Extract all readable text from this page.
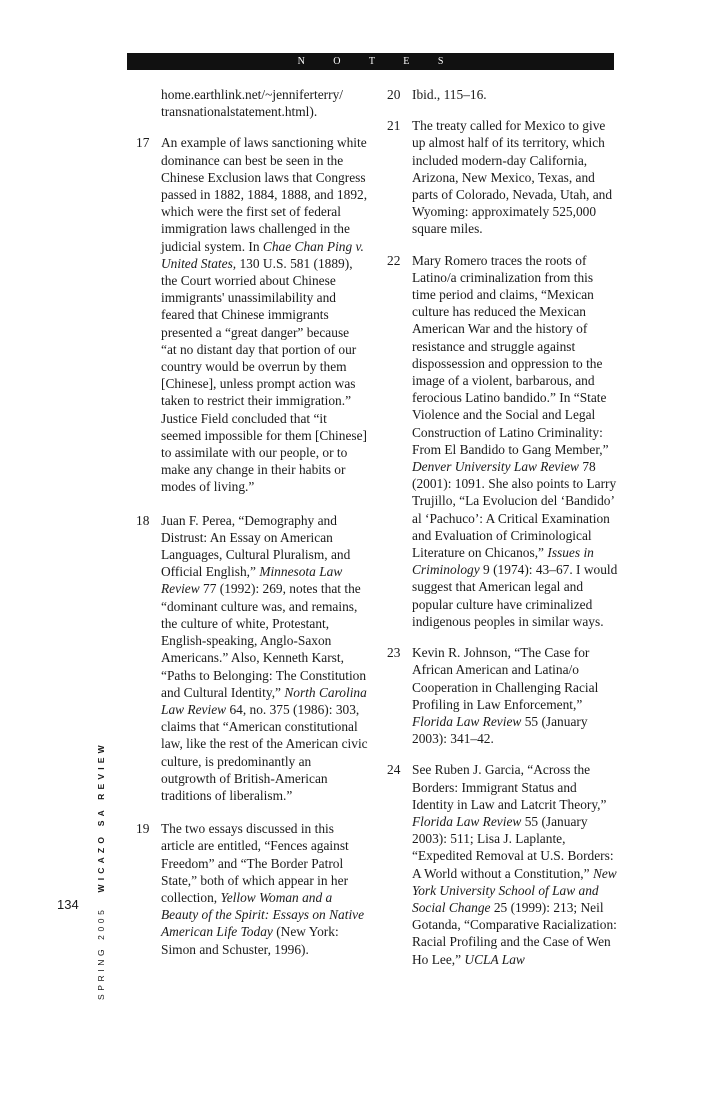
N O T E S
home.earthlink.net/~jenniferterry/ transnationalstatement.html).
17 An example of laws sanctioning white dominance can best be seen in the Chinese Exclusion laws that Congress passed in 1882, 1884, 1888, and 1892, which were the first set of federal immigration laws challenged in the judicial system. In Chae Chan Ping v. United States, 130 U.S. 581 (1889), the Court worried about Chinese immigrants' unassimilability and feared that Chinese immigrants presented a “great danger” because “at no distant day that portion of our country would be overrun by them [Chinese], unless prompt action was taken to restrict their immigration.” Justice Field concluded that “it seemed impossible for them [Chinese] to assimilate with our people, or to make any change in their habits or modes of living.”
18 Juan F. Perea, “Demography and Distrust: An Essay on American Languages, Cultural Pluralism, and Official English,” Minnesota Law Review 77 (1992): 269, notes that the “dominant culture was, and remains, the culture of white, Protestant, English-speaking, Anglo-Saxon Americans.” Also, Kenneth Karst, “Paths to Belonging: The Constitution and Cultural Identity,” North Carolina Law Review 64, no. 375 (1986): 303, claims that “American constitutional law, like the rest of the American civic culture, is predominantly an outgrowth of British-American traditions of liberalism.”
19 The two essays discussed in this article are entitled, “Fences against Freedom” and “The Border Patrol State,” both of which appear in her collection, Yellow Woman and a Beauty of the Spirit: Essays on Native American Life Today (New York: Simon and Schuster, 1996).
20 Ibid., 115–16.
21 The treaty called for Mexico to give up almost half of its territory, which included modern-day California, Arizona, New Mexico, Texas, and parts of Colorado, Nevada, Utah, and Wyoming: approximately 525,000 square miles.
22 Mary Romero traces the roots of Latino/a criminalization from this time period and claims, “Mexican culture has reduced the Mexican American War and the history of resistance and struggle against dispossession and oppression to the image of a violent, barbarous, and ferocious Latino bandido.” In “State Violence and the Social and Legal Construction of Latino Criminality: From El Bandido to Gang Member,” Denver University Law Review 78 (2001): 1091. She also points to Larry Trujillo, “La Evolucion del ‘Bandido’ al ‘Pachuco’: A Critical Examination and Evaluation of Criminological Literature on Chicanos,” Issues in Criminology 9 (1974): 43–67. I would suggest that American legal and popular culture have criminalized indigenous peoples in similar ways.
23 Kevin R. Johnson, “The Case for African American and Latina/o Cooperation in Challenging Racial Profiling in Law Enforcement,” Florida Law Review 55 (January 2003): 341–42.
24 See Ruben J. Garcia, “Across the Borders: Immigrant Status and Identity in Law and Latcrit Theory,” Florida Law Review 55 (January 2003): 511; Lisa J. Laplante, “Expedited Removal at U.S. Borders: A World without a Constitution,” New York University School of Law and Social Change 25 (1999): 213; Neil Gotanda, “Comparative Racialization: Racial Profiling and the Case of Wen Ho Lee,” UCLA Law
134
SPRING 2005WICAZO SA REVIEW
